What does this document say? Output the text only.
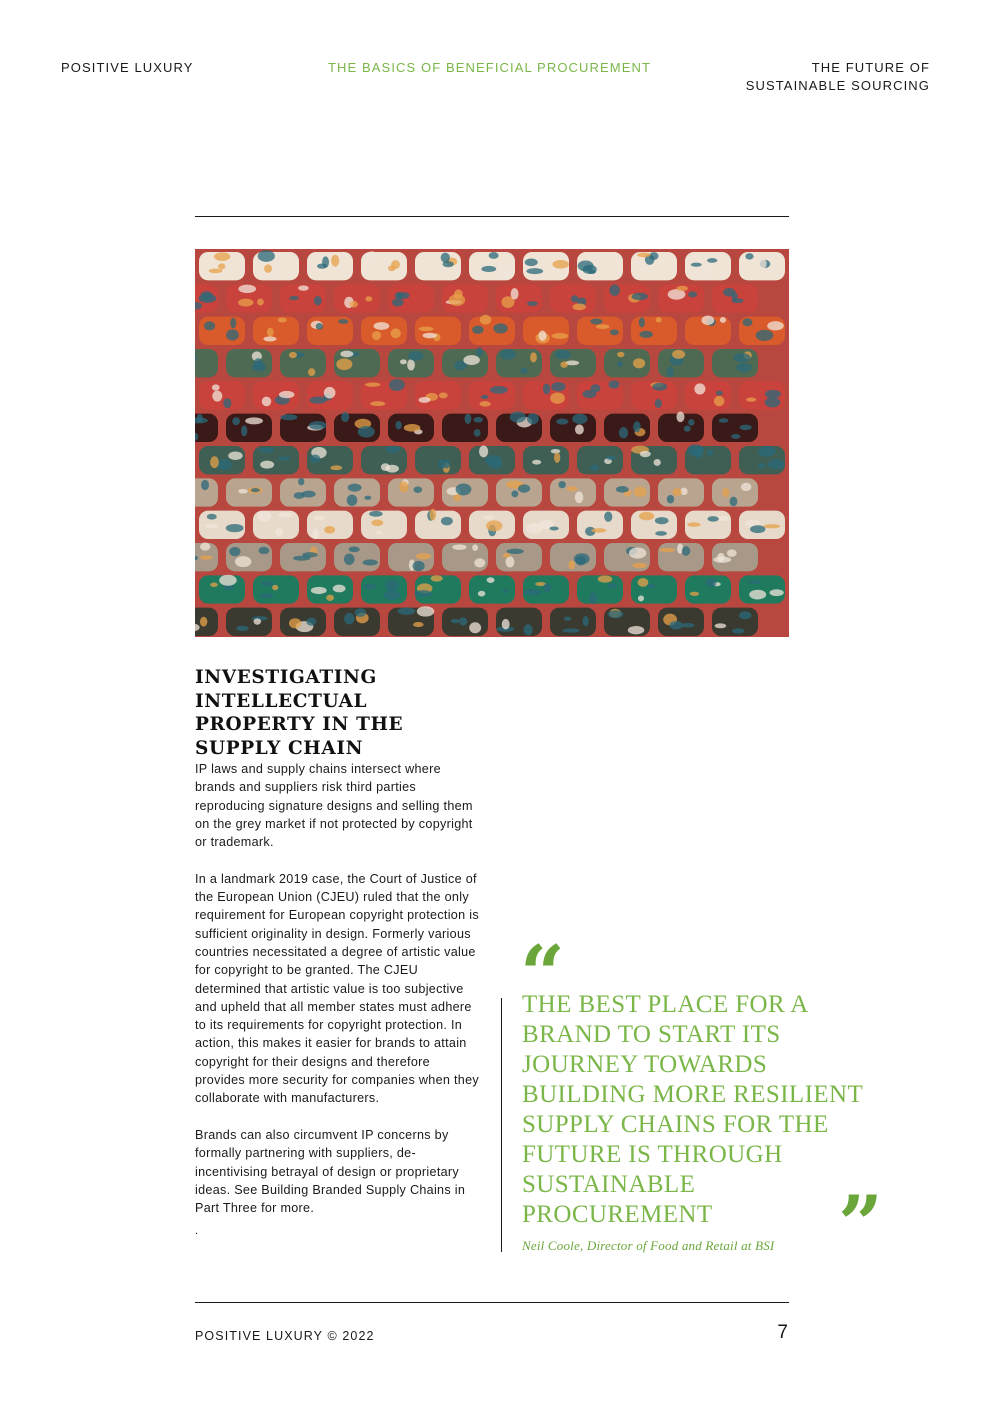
POSITIVE LUXURY	THE BASICS OF BENEFICIAL PROCUREMENT	THE FUTURE OF
SUSTAINABLE SOURCING
INVESTIGATING INTELLECTUAL PROPERTY IN THE SUPPLY CHAIN

IP laws and supply chains intersect where brands and suppliers risk third parties reproducing signature designs and selling them on the grey market if not protected by copyright or trademark.

In a landmark 2019 case, the Court of Justice of the European Union (CJEU) ruled that the only requirement for European copyright protection is sufficient originality in design. Formerly various countries necessitated a degree of artistic value for copyright to be granted. The CJEU determined that artistic value is too subjective and upheld that all member states must adhere to its requirements for copyright protection. In action, this makes it easier for brands to attain copyright for their designs and therefore provides more security for companies when they collaborate with manufacturers.

Brands can also circumvent IP concerns by formally partnering with suppliers, de-incentivising betrayal of design or proprietary ideas. See Building Branded Supply Chains in Part Three for more.

.
“
THE BEST PLACE FOR A BRAND TO START ITS JOURNEY TOWARDS BUILDING MORE RESILIENT SUPPLY CHAINS FOR THE FUTURE IS THROUGH SUSTAINABLE PROCUREMENT	”
Neil Coole, Director of Food and Retail at BSI
POSITIVE LUXURY © 2022	7
